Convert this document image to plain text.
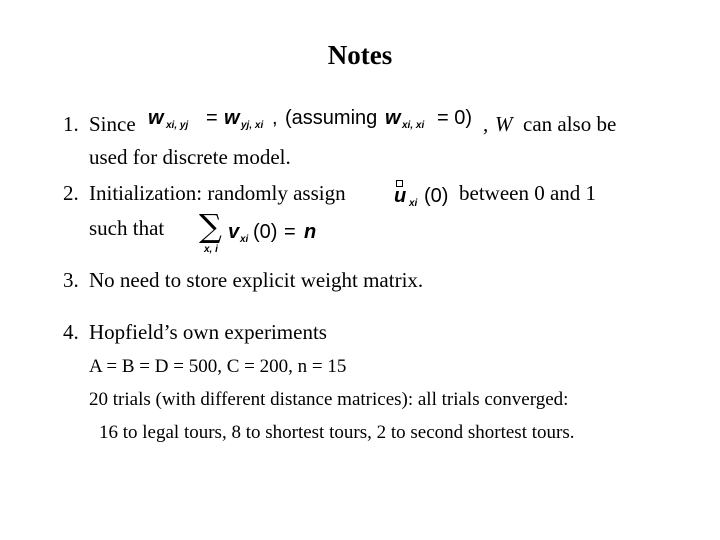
Notes
1. Since w xi, yj = w yj, xi , (assuming w xi, xi = 0) , W can also be
used for discrete model.
2. Initialization: randomly assign u xi (0) between 0 and 1
such that ∑
x, i
v xi (0) = n
3. No need to store explicit weight matrix.
4. Hopfield’s own experiments
A = B = D = 500, C = 200, n = 15
20 trials (with different distance matrices): all trials converged:
16 to legal tours, 8 to shortest tours, 2 to second shortest tours.
